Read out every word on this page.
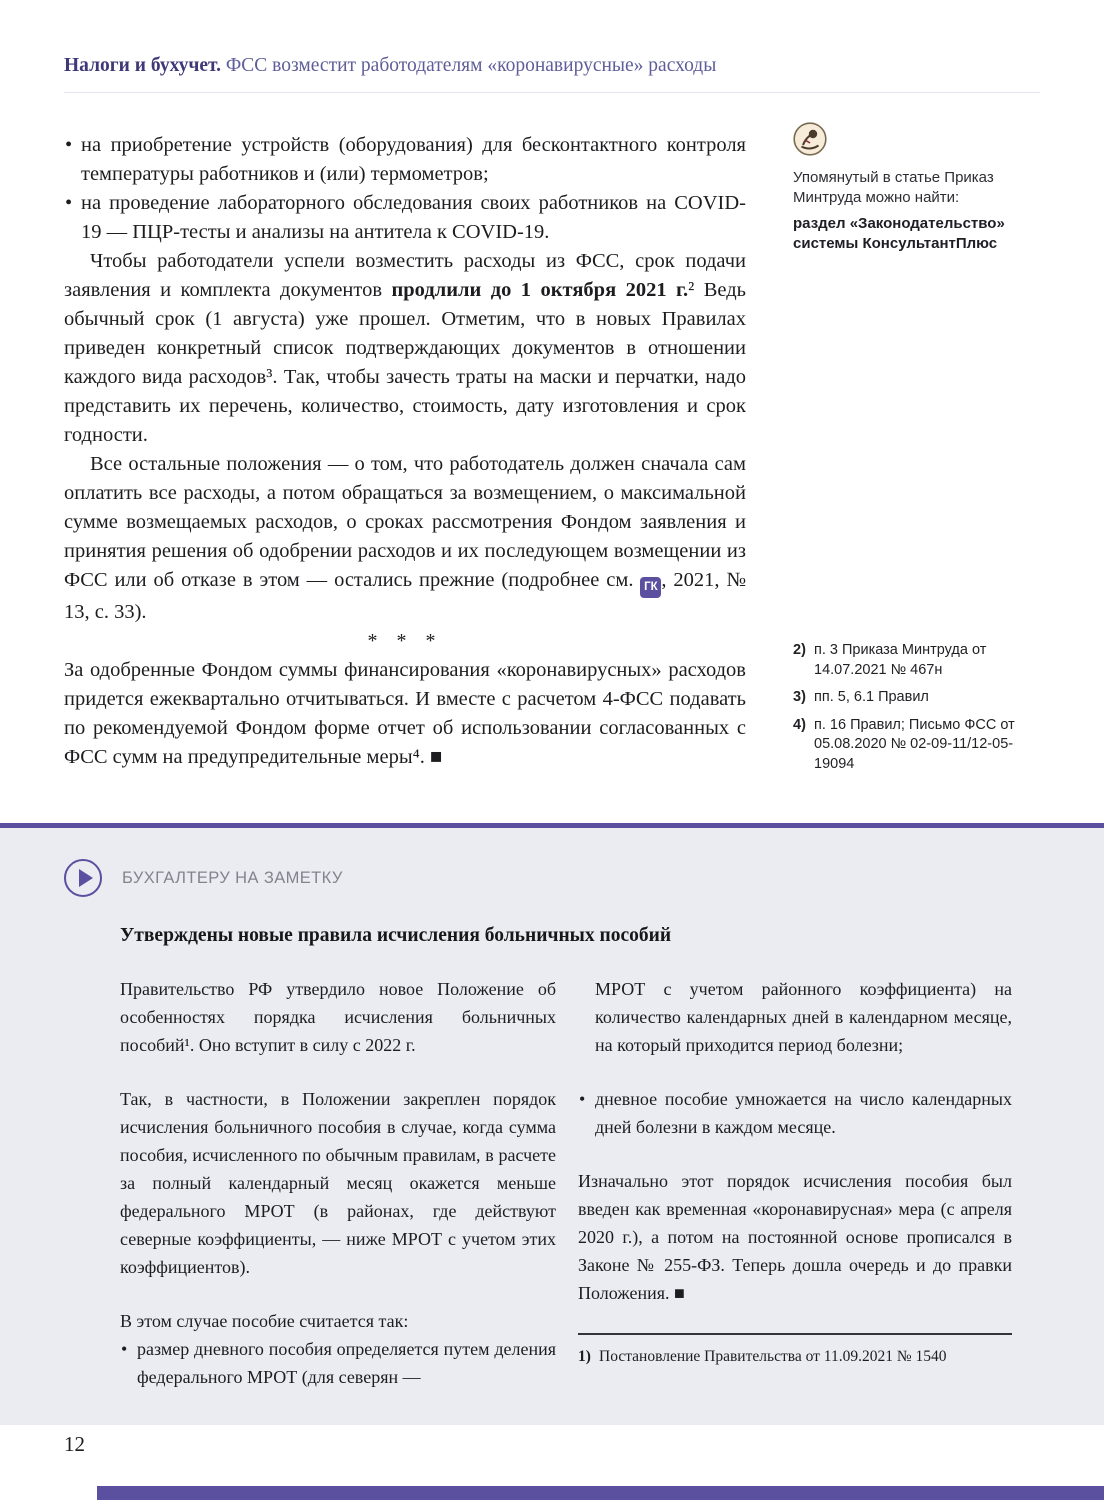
Налоги и бухучет. ФСС возместит работодателям «коронавирусные» расходы
• на приобретение устройств (оборудования) для бесконтактного контроля температуры работников и (или) термометров;
• на проведение лабораторного обследования своих работников на COVID-19 — ПЦР-тесты и анализы на антитела к COVID-19.

Чтобы работодатели успели возместить расходы из ФСС, срок подачи заявления и комплекта документов продлили до 1 октября 2021 г.² Ведь обычный срок (1 августа) уже прошел. Отметим, что в новых Правилах приведен конкретный список подтверждающих документов в отношении каждого вида расходов³. Так, чтобы зачесть траты на маски и перчатки, надо представить их перечень, количество, стоимость, дату изготовления и срок годности.

Все остальные положения — о том, что работодатель должен сначала сам оплатить все расходы, а потом обращаться за возмещением, о максимальной сумме возмещаемых расходов, о сроках рассмотрения Фондом заявления и принятия решения об одобрении расходов и их последующем возмещении из ФСС или об отказе в этом — остались прежние (подробнее см. ГК , 2021, № 13, с. 33).

* * *

За одобренные Фондом суммы финансирования «коронавирусных» расходов придется ежеквартально отчитываться. И вместе с расчетом 4-ФСС подавать по рекомендуемой Фондом форме отчет об использовании согласованных с ФСС сумм на предупредительные меры⁴. ■

Упомянутый в статье Приказ Минтруда можно найти:
раздел «Законодательство» системы КонсультантПлюс
2) п. 3 Приказа Минтруда от 14.07.2021 № 467н
3) пп. 5, 6.1 Правил
4) п. 16 Правил; Письмо ФСС от 05.08.2020 № 02-09-11/12-05-19094
БУХГАЛТЕРУ НА ЗАМЕТКУ
Утверждены новые правила исчисления больничных пособий

Правительство РФ утвердило новое Положение об особенностях порядка исчисления больничных пособий¹. Оно вступит в силу с 2022 г.

Так, в частности, в Положении закреплен порядок исчисления больничного пособия в случае, когда сумма пособия, исчисленного по обычным правилам, в расчете за полный календарный месяц окажется меньше федерального МРОТ (в районах, где действуют северные коэффициенты, — ниже МРОТ с учетом этих коэффициентов).

В этом случае пособие считается так:

• размер дневного пособия определяется путем деления федерального МРОТ (для северян —

МРОТ с учетом районного коэффициента) на количество календарных дней в календарном месяце, на который приходится период болезни;

• дневное пособие умножается на число календарных дней болезни в каждом месяце.

Изначально этот порядок исчисления пособия был введен как временная «коронавирусная» мера (с апреля 2020 г.), а потом на постоянной основе прописался в Законе № 255-ФЗ. Теперь дошла очередь и до правки Положения. ■

1) Постановление Правительства от 11.09.2021 № 1540
12
